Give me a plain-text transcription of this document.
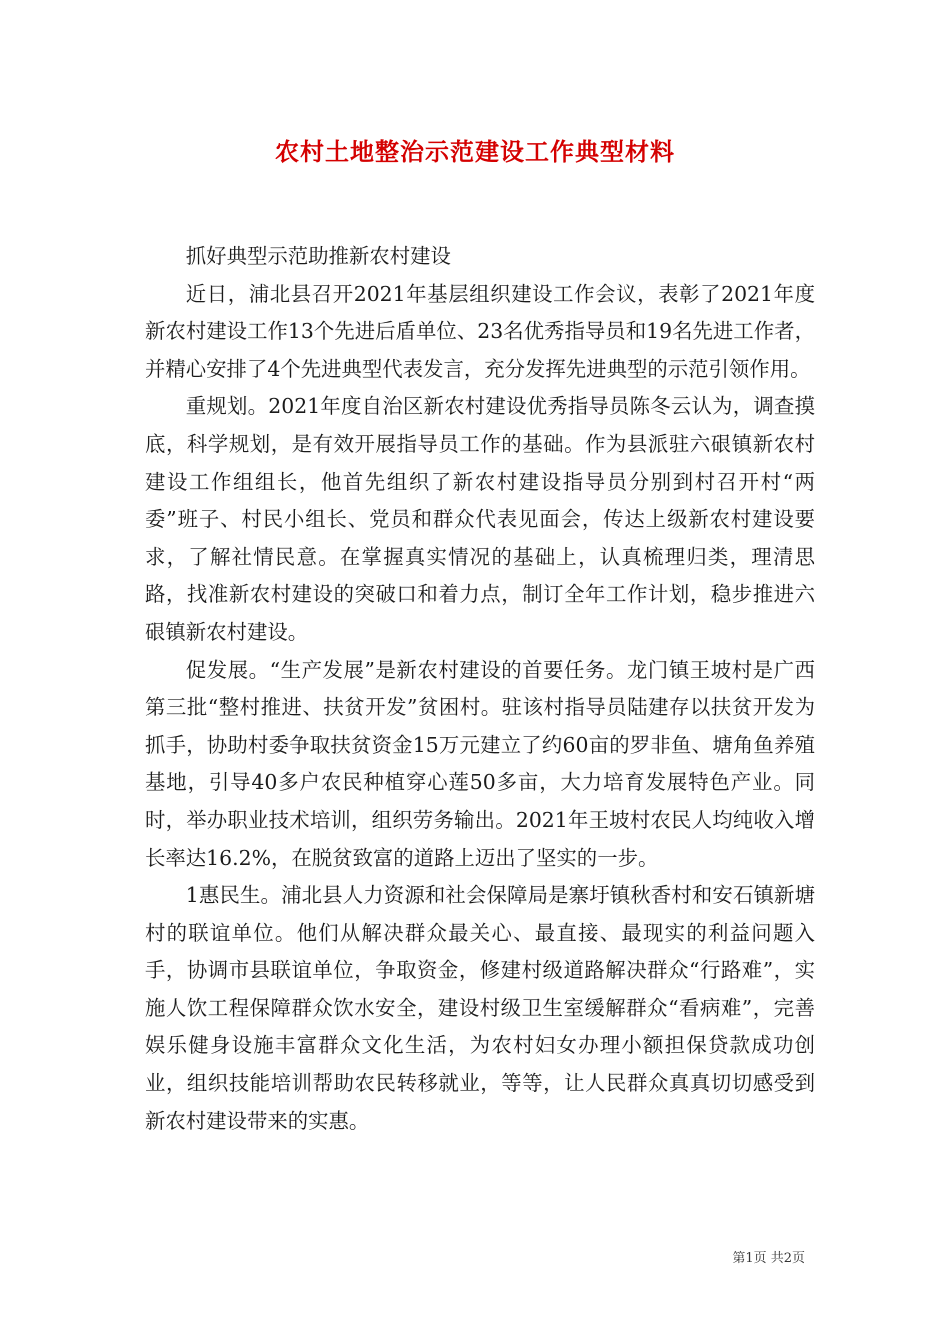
农村土地整治示范建设工作典型材料

抓好典型示范助推新农村建设

近日，浦北县召开2021年基层组织建设工作会议，表彰了2021年度新农村建设工作13个先进后盾单位、23名优秀指导员和19名先进工作者，并精心安排了4个先进典型代表发言，充分发挥先进典型的示范引领作用。

重规划。2021年度自治区新农村建设优秀指导员陈冬云认为，调查摸底，科学规划，是有效开展指导员工作的基础。作为县派驻六硍镇新农村建设工作组组长，他首先组织了新农村建设指导员分别到村召开村“两委”班子、村民小组长、党员和群众代表见面会，传达上级新农村建设要求，了解社情民意。在掌握真实情况的基础上，认真梳理归类，理清思路，找准新农村建设的突破口和着力点，制订全年工作计划，稳步推进六硍镇新农村建设。

促发展。“生产发展”是新农村建设的首要任务。龙门镇王坡村是广西第三批“整村推进、扶贫开发”贫困村。驻该村指导员陆建存以扶贫开发为抓手，协助村委争取扶贫资金15万元建立了约60亩的罗非鱼、塘角鱼养殖基地，引导40多户农民种植穿心莲50多亩，大力培育发展特色产业。同时，举办职业技术培训，组织劳务输出。2021年王坡村农民人均纯收入增长率达16.2%，在脱贫致富的道路上迈出了坚实的一步。

1惠民生。浦北县人力资源和社会保障局是寨圩镇秋香村和安石镇新塘村的联谊单位。他们从解决群众最关心、最直接、最现实的利益问题入手，协调市县联谊单位，争取资金，修建村级道路解决群众“行路难”，实施人饮工程保障群众饮水安全，建设村级卫生室缓解群众“看病难”，完善娱乐健身设施丰富群众文化生活，为农村妇女办理小额担保贷款成功创业，组织技能培训帮助农民转移就业，等等，让人民群众真真切切感受到新农村建设带来的实惠。

第1页 共2页
